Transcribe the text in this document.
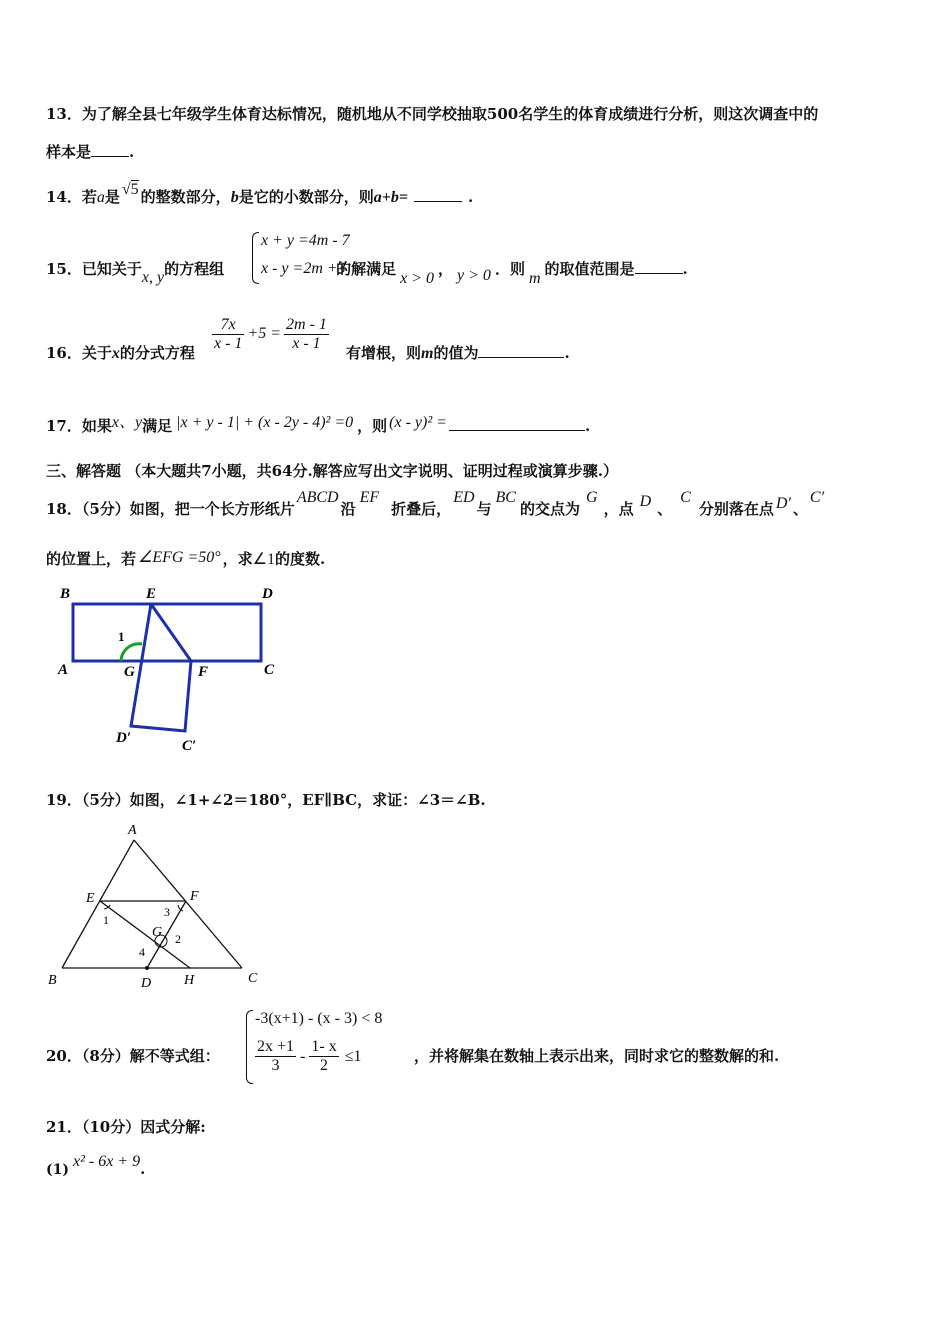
13．为了解全县七年级学生体育达标情况，随机地从不同学校抽取500名学生的体育成绩进行分析，则这次调查中的
样本是	.
14．若a是 √5 的整数部分，b是它的小数部分，则a+b=	.
15．已知关于x, y的方程组	的解满足x > 0， y > 0 ．则m的取值范围是	.
x + y =4m - 7
x - y =2m +3
16．关于x的分式方程 $\frac{7x}{x - 1} +5 = \frac{2m - 1}{x - 1}$ 有增根，则m的值为	.
17．如果x、y满足 |x + y - 1| + (x - 2y - 4)² =0 ，则 (x - y)² =	.
三、解答题 （本大题共7小题，共64分.解答应写出文字说明、证明过程或演算步骤.）
18．（5分）如图，把一个长方形纸片ABCD沿EF折叠后，ED与BC的交点为G，点 D 、C分别落在点 D′ 、C′
的位置上，若 ∠EFG =50° ，求∠1的度数.
B	E	D
A	G	F	C
D′	C′
1
19．（5分）如图，∠1+∠2＝180°，EF∥BC，求证：∠3＝∠B.
A
E	F
G
B	D H	C
1
2
3
4
20．（8分）解不等式组：
-3(x+1) - (x - 3) < 8
$\frac{2x +1}{3} - \frac{1- x}{2} \le 1$	，并将解集在数轴上表示出来，同时求它的整数解的和.
21．（10分）因式分解:
(1) x² - 6x + 9.
